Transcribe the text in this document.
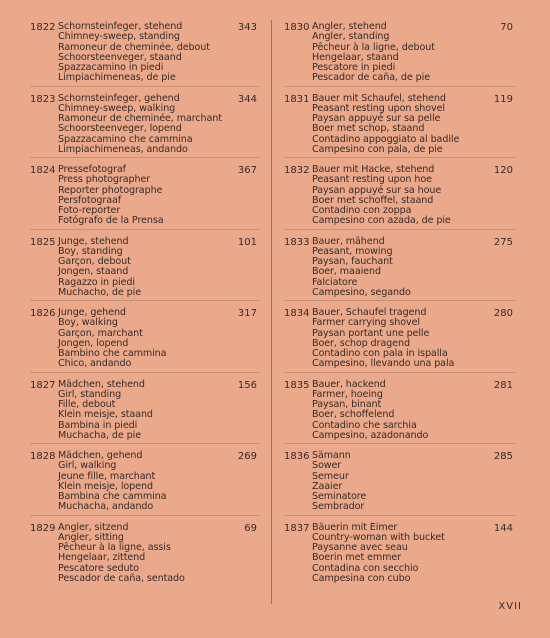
1822 Schornsteinfeger, stehend
Chimney-sweep, standing
Ramoneur de cheminée, debout
Schoorsteenveger, staand
Spazzacamino in piedi
Limpiachimeneas, de pie
343
1823 Schornsteinfeger, gehend
Chimney-sweep, walking
Ramoneur de cheminée, marchant
Schoorsteenveger, lopend
Spazzacamino che cammina
Limpiachimeneas, andando
344
1824 Pressefotograf
Press photographer
Reporter photographe
Persfotograaf
Foto-reporter
Fotógrafo de la Prensa
367
1825 Junge, stehend
Boy, standing
Garçon, debout
Jongen, staand
Ragazzo in piedi
Muchacho, de pie
101
1826 Junge, gehend
Boy, walking
Garçon, marchant
Jongen, lopend
Bambino che cammina
Chico, andando
317
1827 Mädchen, stehend
Girl, standing
Fille, debout
Klein meisje, staand
Bambina in piedi
Muchacha, de pie
156
1828 Mädchen, gehend
Girl, walking
Jeune fille, marchant
Klein meisje, lopend
Bambina che cammina
Muchacha, andando
269
1829 Angler, sitzend
Angler, sitting
Pêcheur à la ligne, assis
Hengelaar, zittend
Pescatore seduto
Pescador de caña, sentado
69
1830 Angler, stehend
Angler, standing
Pêcheur à la ligne, debout
Hengelaar, staand
Pescatore in piedi
Pescador de caña, de pie
70
1831 Bauer mit Schaufel, stehend
Peasant resting upon shovel
Paysan appuyé sur sa pelle
Boer met schop, staand
Contadino appoggiato al badile
Campesino con pala, de pie
119
1832 Bauer mit Hacke, stehend
Peasant resting upon hoe
Paysan appuyé sur sa houe
Boer met schoffel, staand
Contadino con zoppa
Campesino con azada, de pie
120
1833 Bauer, mähend
Peasant, mowing
Paysan, fauchant
Boer, maaiend
Falciatore
Campesino, segando
275
1834 Bauer, Schaufel tragend
Farmer carrying shovel
Paysan portant une pelle
Boer, schop dragend
Contadino con pala in ispalla
Campesino, llevando una pala
280
1835 Bauer, hackend
Farmer, hoeing
Paysan, binant
Boer, schoffelend
Contadino che sarchia
Campesino, azadonando
281
1836 Sämann
Sower
Semeur
Zaaier
Seminatore
Sembrador
285
1837 Bäuerin mit Eimer
Country-woman with bucket
Paysanne avec seau
Boerin met emmer
Contadina con secchio
Campesina con cubo
144
XVII
